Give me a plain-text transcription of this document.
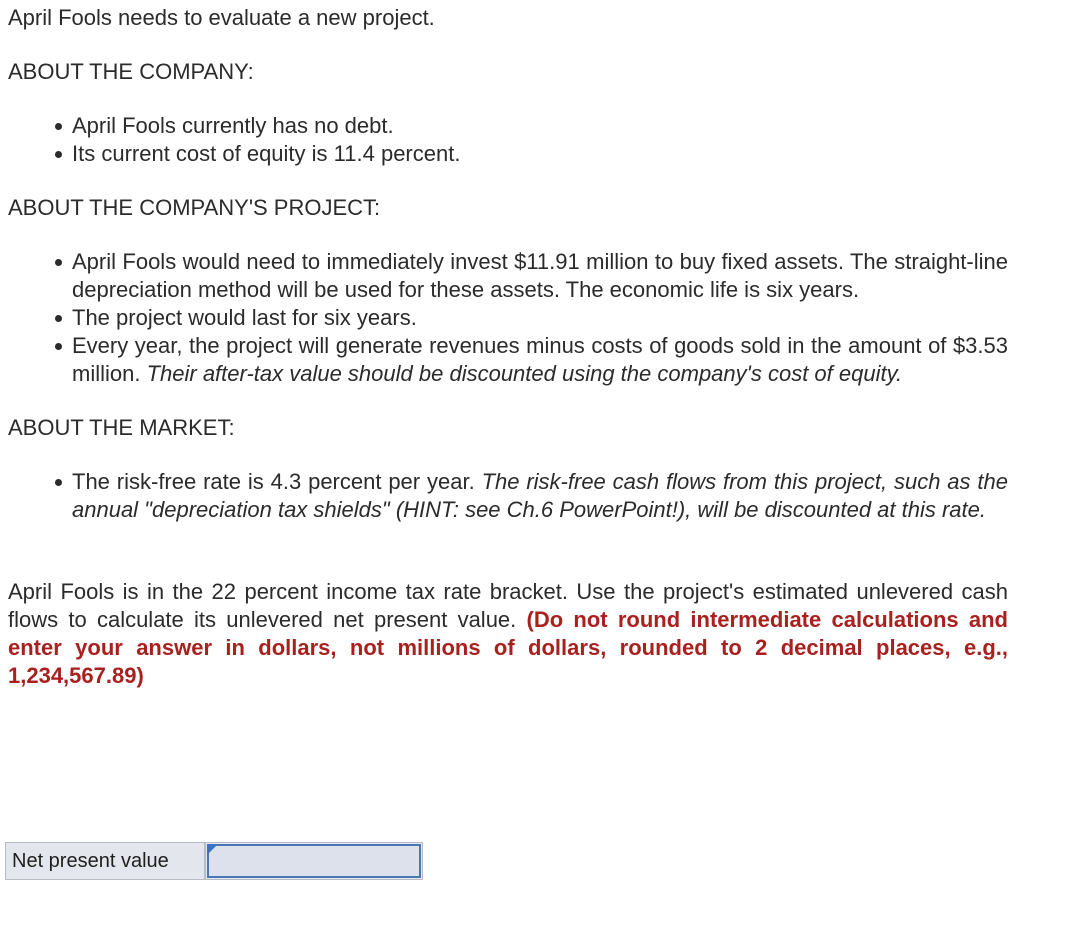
April Fools needs to evaluate a new project.

ABOUT THE COMPANY:

April Fools currently has no debt.
Its current cost of equity is 11.4 percent.

ABOUT THE COMPANY'S PROJECT:

April Fools would need to immediately invest $11.91 million to buy fixed assets. The straight-line depreciation method will be used for these assets. The economic life is six years.
The project would last for six years.
Every year, the project will generate revenues minus costs of goods sold in the amount of $3.53 million. Their after-tax value should be discounted using the company's cost of equity.

ABOUT THE MARKET:

The risk-free rate is 4.3 percent per year. The risk-free cash flows from this project, such as the annual "depreciation tax shields" (HINT: see Ch.6 PowerPoint!), will be discounted at this rate.

April Fools is in the 22 percent income tax rate bracket. Use the project's estimated unlevered cash flows to calculate its unlevered net present value. (Do not round intermediate calculations and enter your answer in dollars, not millions of dollars, rounded to 2 decimal places, e.g., 1,234,567.89)

Net present value
